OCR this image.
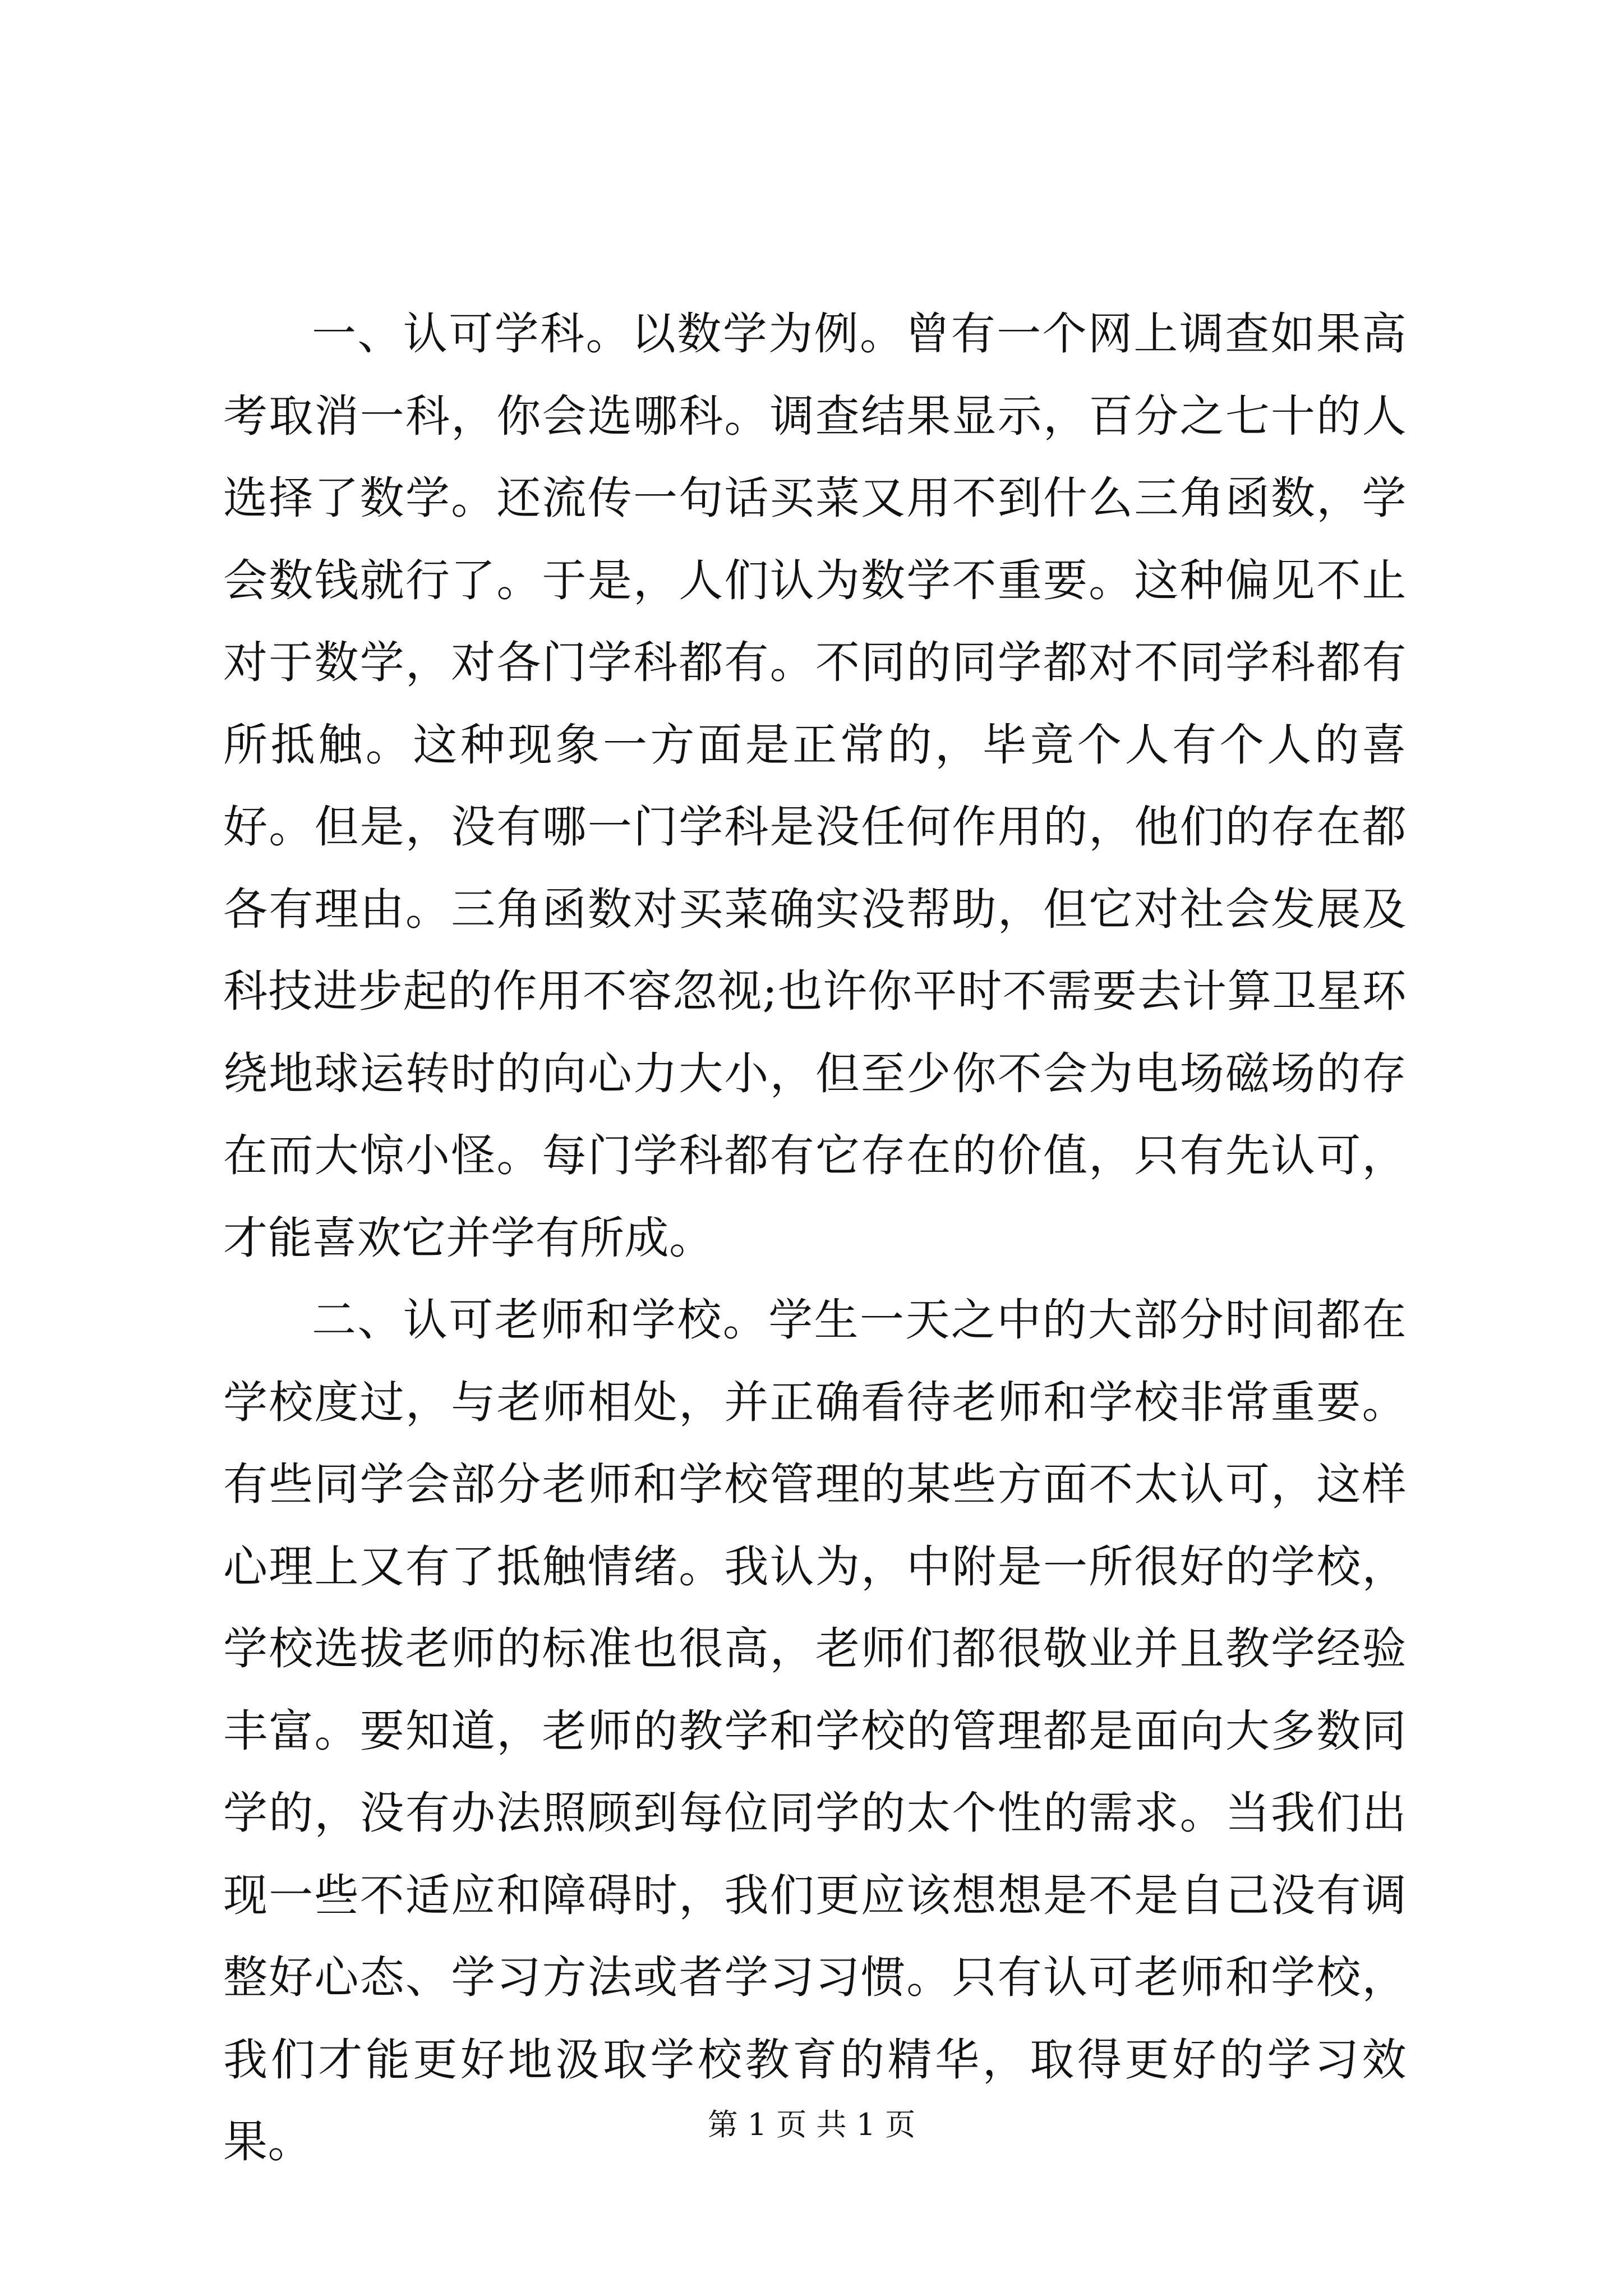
一、认可学科。以数学为例。曾有一个网上调查如果高考取消一科，你会选哪科。调查结果显示，百分之七十的人选择了数学。还流传一句话买菜又用不到什么三角函数，学会数钱就行了。于是，人们认为数学不重要。这种偏见不止对于数学，对各门学科都有。不同的同学都对不同学科都有所抵触。这种现象一方面是正常的，毕竟个人有个人的喜好。但是，没有哪一门学科是没任何作用的，他们的存在都各有理由。三角函数对买菜确实没帮助，但它对社会发展及科技进步起的作用不容忽视;也许你平时不需要去计算卫星环绕地球运转时的向心力大小，但至少你不会为电场磁场的存在而大惊小怪。每门学科都有它存在的价值，只有先认可，才能喜欢它并学有所成。

二、认可老师和学校。学生一天之中的大部分时间都在学校度过，与老师相处，并正确看待老师和学校非常重要。有些同学会部分老师和学校管理的某些方面不太认可，这样心理上又有了抵触情绪。我认为，中附是一所很好的学校，学校选拔老师的标准也很高，老师们都很敬业并且教学经验丰富。要知道，老师的教学和学校的管理都是面向大多数同学的，没有办法照顾到每位同学的太个性的需求。当我们出现一些不适应和障碍时，我们更应该想想是不是自己没有调整好心态、学习方法或者学习习惯。只有认可老师和学校，我们才能更好地汲取学校教育的精华，取得更好的学习效果。	第 1 页 共 1 页
